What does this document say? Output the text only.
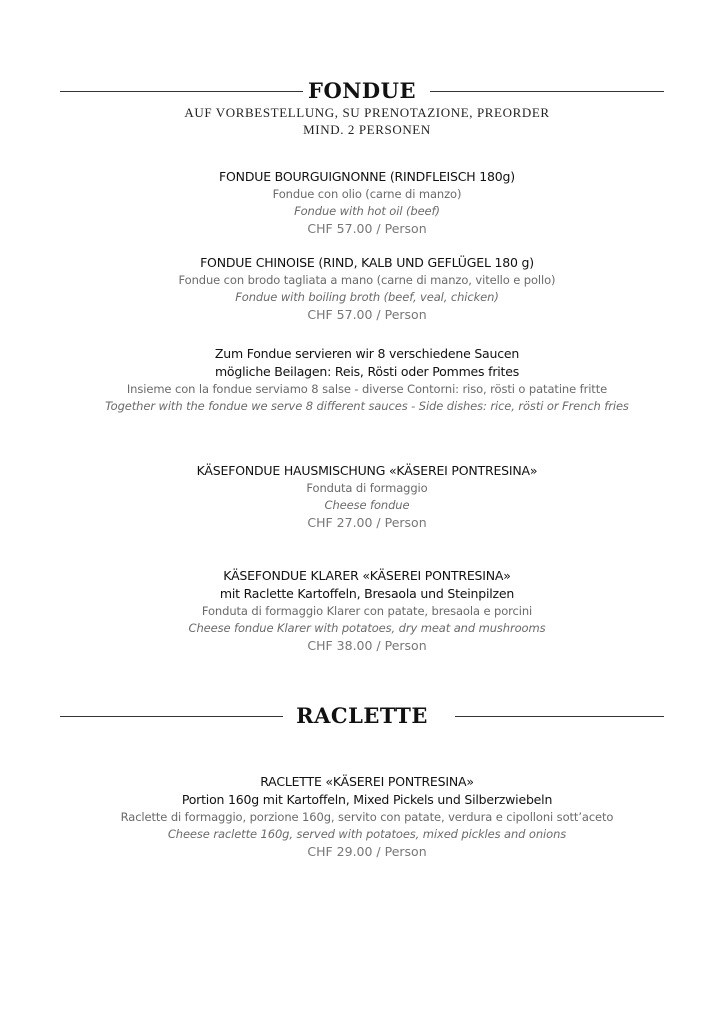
FONDUE
AUF VORBESTELLUNG, SU PRENOTAZIONE, PREORDER
MIND. 2 PERSONEN
FONDUE BOURGUIGNONNE (RINDFLEISCH 180g)
Fondue con olio (carne di manzo)
Fondue with hot oil (beef)
CHF 57.00 / Person
FONDUE CHINOISE (RIND, KALB UND GEFLÜGEL 180 g)
Fondue con brodo tagliata a mano (carne di manzo, vitello e pollo)
Fondue with boiling broth (beef, veal, chicken)
CHF 57.00 / Person
Zum Fondue servieren wir 8 verschiedene Saucen
mögliche Beilagen: Reis, Rösti oder Pommes frites
Insieme con la fondue serviamo 8 salse - diverse Contorni: riso, rösti o patatine fritte
Together with the fondue we serve 8 different sauces - Side dishes: rice, rösti or French fries
KÄSEFONDUE HAUSMISCHUNG «KÄSEREI PONTRESINA»
Fonduta di formaggio
Cheese fondue
CHF 27.00 / Person
KÄSEFONDUE KLARER «KÄSEREI PONTRESINA»
mit Raclette Kartoffeln, Bresaola und Steinpilzen
Fonduta di formaggio Klarer con patate, bresaola e porcini
Cheese fondue Klarer with potatoes, dry meat and mushrooms
CHF 38.00 / Person
RACLETTE
RACLETTE «KÄSEREI PONTRESINA»
Portion 160g mit Kartoffeln, Mixed Pickels und Silberzwiebeln
Raclette di formaggio, porzione 160g, servito con patate, verdura e cipolloni sott’aceto
Cheese raclette 160g, served with potatoes, mixed pickles and onions
CHF 29.00 / Person
